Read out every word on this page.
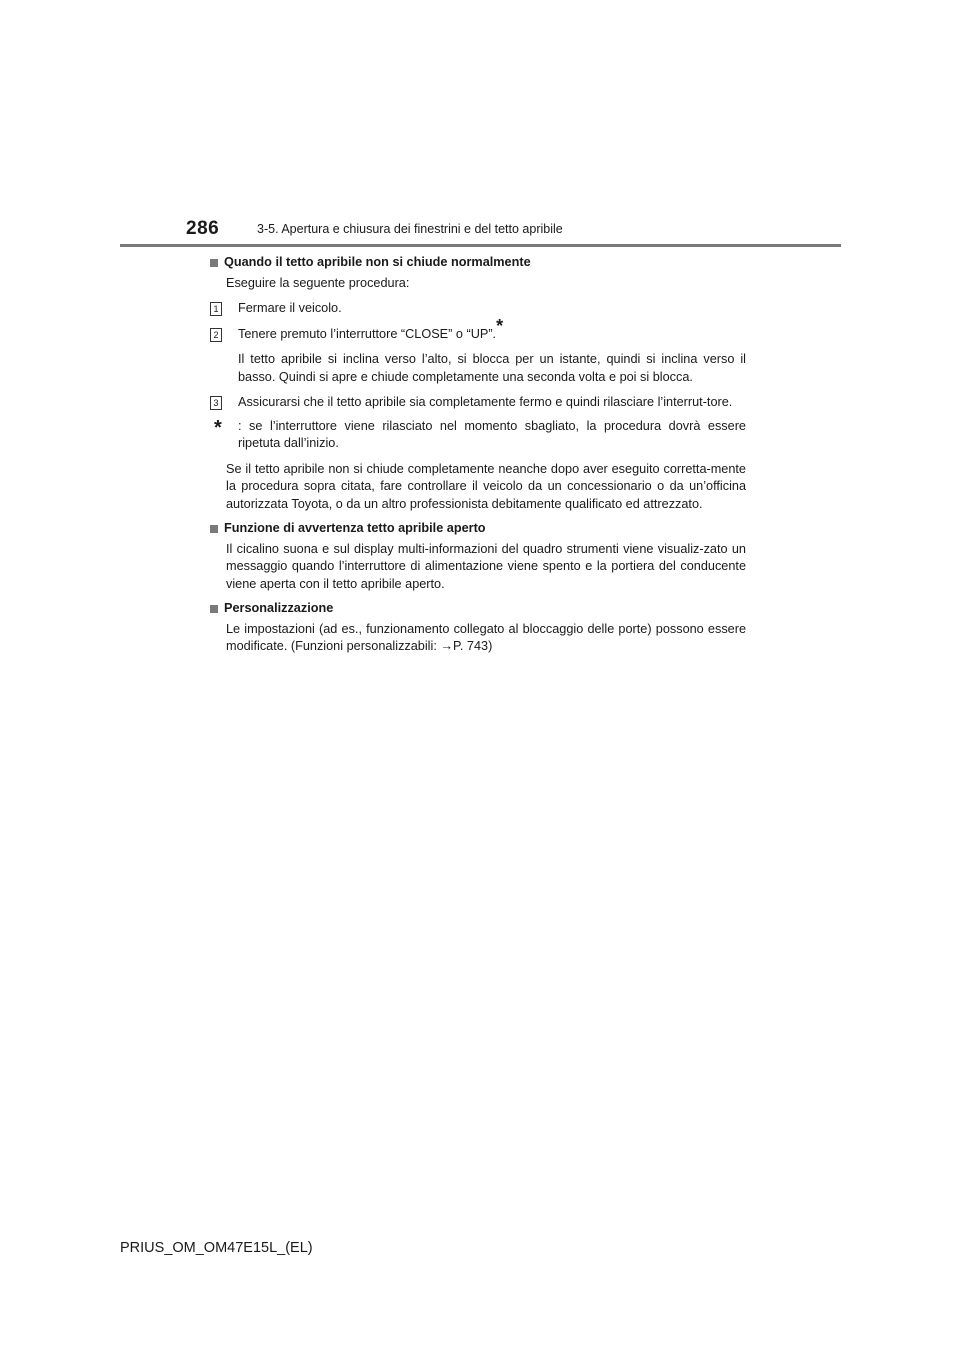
286	3-5. Apertura e chiusura dei finestrini e del tetto apribile
Quando il tetto apribile non si chiude normalmente
Eseguire la seguente procedura:
1 Fermare il veicolo.
2 Tenere premuto l’interruttore “CLOSE” o “UP”.*
Il tetto apribile si inclina verso l’alto, si blocca per un istante, quindi si inclina verso il basso. Quindi si apre e chiude completamente una seconda volta e poi si blocca.
3 Assicurarsi che il tetto apribile sia completamente fermo e quindi rilasciare l’interrut-tore.
*	: se l’interruttore viene rilasciato nel momento sbagliato, la procedura dovrà essere ripetuta dall’inizio.
Se il tetto apribile non si chiude completamente neanche dopo aver eseguito corretta-mente la procedura sopra citata, fare controllare il veicolo da un concessionario o da un’officina autorizzata Toyota, o da un altro professionista debitamente qualificato ed attrezzato.
Funzione di avvertenza tetto apribile aperto
Il cicalino suona e sul display multi-informazioni del quadro strumenti viene visualiz-zato un messaggio quando l’interruttore di alimentazione viene spento e la portiera del conducente viene aperta con il tetto apribile aperto.
Personalizzazione
Le impostazioni (ad es., funzionamento collegato al bloccaggio delle porte) possono essere modificate. (Funzioni personalizzabili: →P. 743)
PRIUS_OM_OM47E15L_(EL)
